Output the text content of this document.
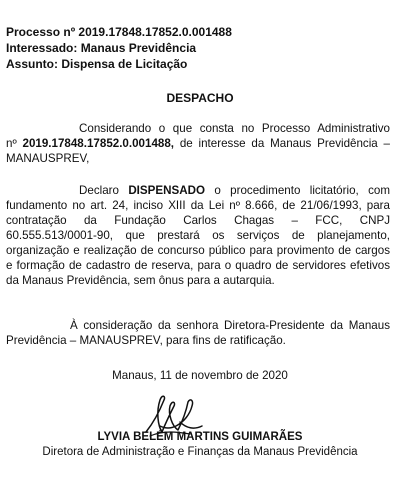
Processo nº 2019.17848.17852.0.001488
Interessado: Manaus Previdência
Assunto: Dispensa de Licitação
DESPACHO
Considerando o que consta no Processo Administrativo
nº 2019.17848.17852.0.001488, de interesse da Manaus Previdência –
MANAUSPREV,
Declaro DISPENSADO o procedimento licitatório, com
fundamento no art. 24, inciso XIII da Lei nº 8.666, de 21/06/1993, para
contratação da Fundação Carlos Chagas – FCC, CNPJ
60.555.513/0001-90, que prestará os serviços de planejamento,
organização e realização de concurso público para provimento de cargos
e formação de cadastro de reserva, para o quadro de servidores efetivos
da Manaus Previdência, sem ônus para a autarquia.
À consideração da senhora Diretora-Presidente da Manaus
Previdência – MANAUSPREV, para fins de ratificação.
Manaus, 11 de novembro de 2020
LYVIA BELÉM MARTINS GUIMARÃES
Diretora de Administração e Finanças da Manaus Previdência
